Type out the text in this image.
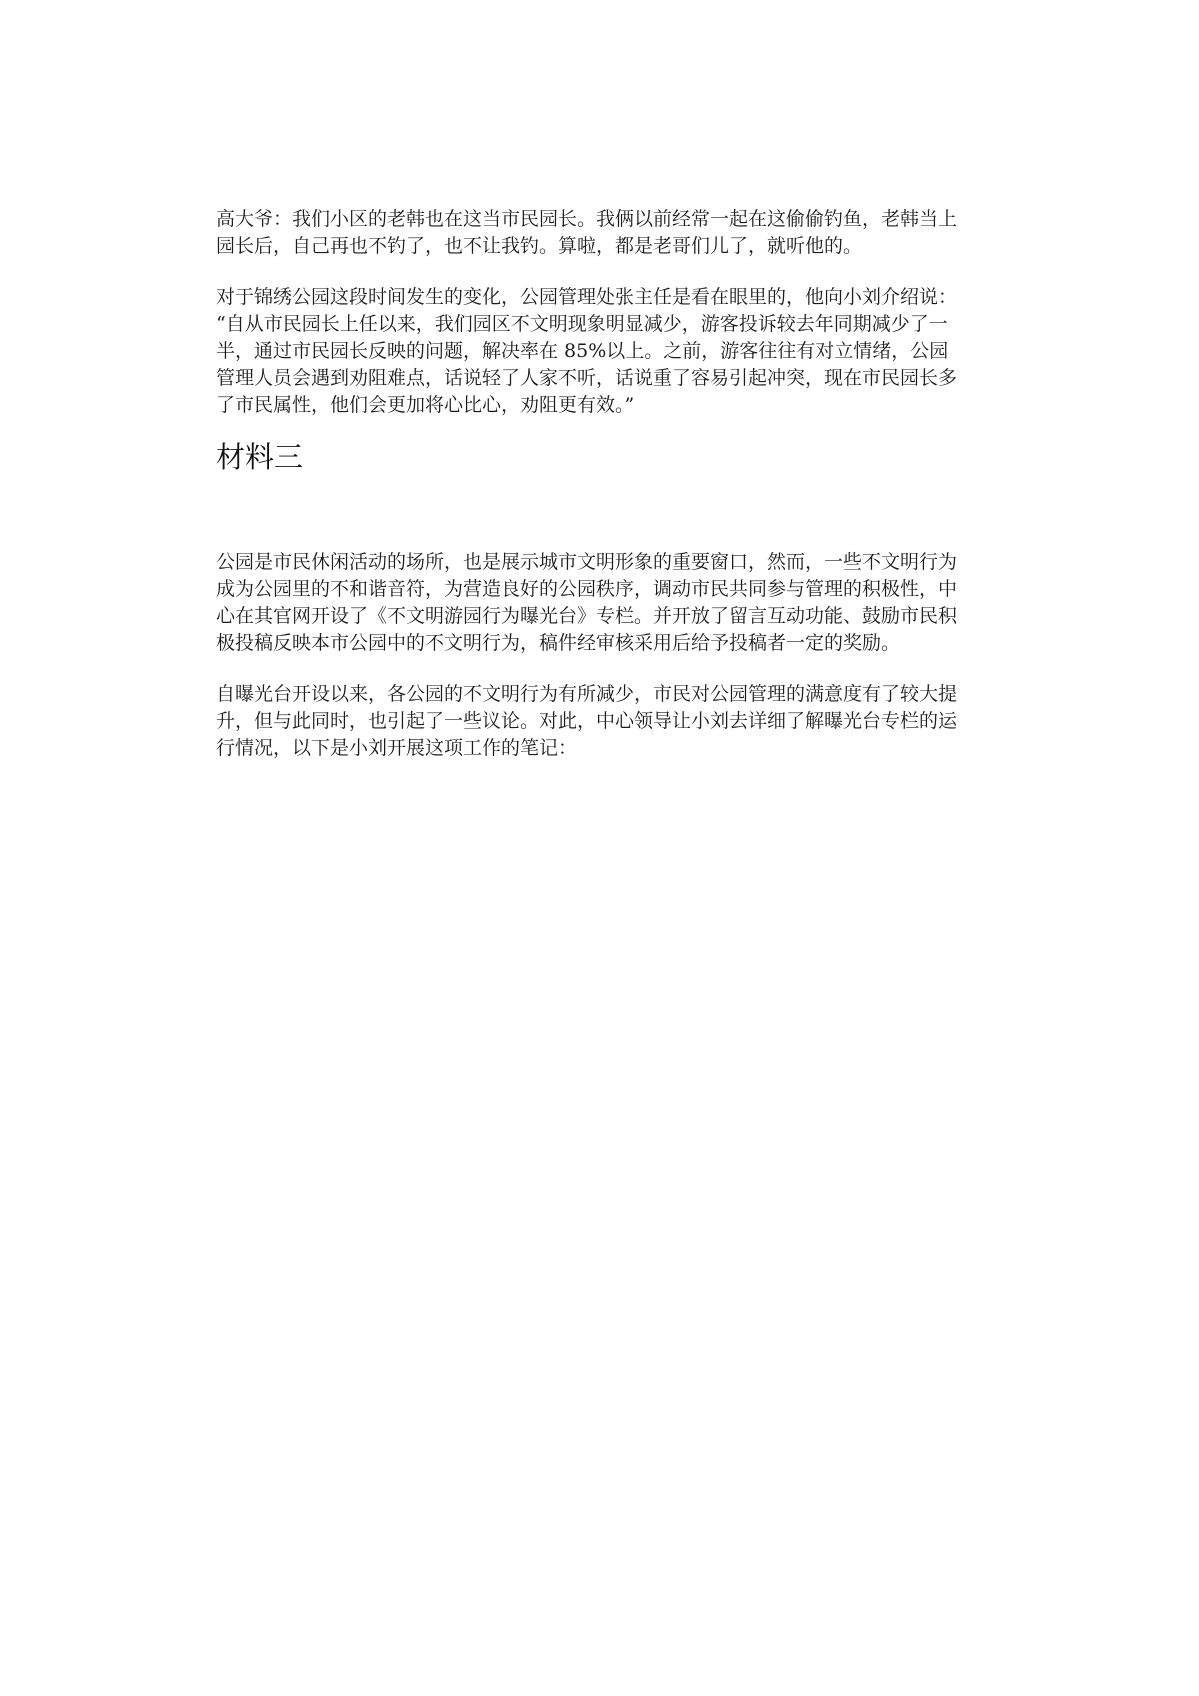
高大爷：我们小区的老韩也在这当市民园长。我俩以前经常一起在这偷偷钓鱼，老韩当上
园长后，自己再也不钓了，也不让我钓。算啦，都是老哥们儿了，就听他的。

对于锦绣公园这段时间发生的变化，公园管理处张主任是看在眼里的，他向小刘介绍说：
“自从市民园长上任以来，我们园区不文明现象明显减少，游客投诉较去年同期减少了一
半，通过市民园长反映的问题，解决率在 85%以上。之前，游客往往有对立情绪，公园
管理人员会遇到劝阻难点，话说轻了人家不听，话说重了容易引起冲突，现在市民园长多
了市民属性，他们会更加将心比心，劝阻更有效。”

材料三

公园是市民休闲活动的场所，也是展示城市文明形象的重要窗口，然而，一些不文明行为
成为公园里的不和谐音符，为营造良好的公园秩序，调动市民共同参与管理的积极性，中
心在其官网开设了《不文明游园行为曝光台》专栏。并开放了留言互动功能、鼓励市民积
极投稿反映本市公园中的不文明行为，稿件经审核采用后给予投稿者一定的奖励。

自曝光台开设以来，各公园的不文明行为有所减少，市民对公园管理的满意度有了较大提
升，但与此同时，也引起了一些议论。对此，中心领导让小刘去详细了解曝光台专栏的运
行情况，以下是小刘开展这项工作的笔记：
